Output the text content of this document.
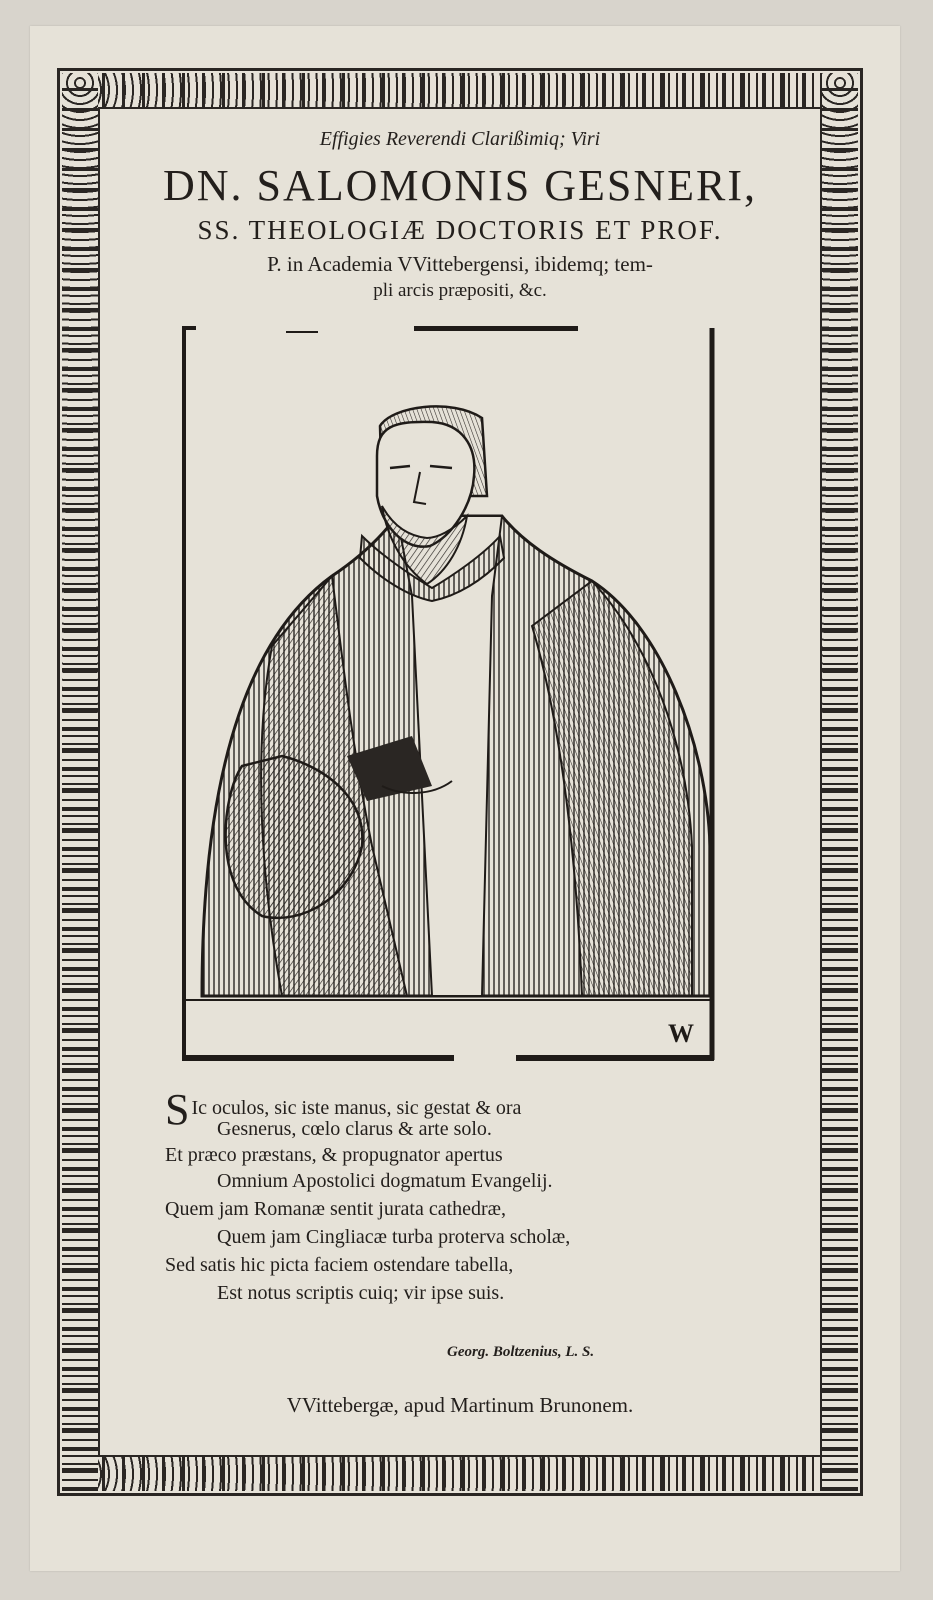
Effigies Reverendi Clarißimiq; Viri
DN. SALOMONIS GESNERI,
SS. THEOLOGIÆ DOCTORIS ET PROF.
P. in Academia VVittebergensi, ibidemq; tem-
pli arcis præpositi, &c.
W
S Ic oculos, sic iste manus, sic gestat & ora
Gesnerus, cœlo clarus & arte solo.
Et præco præstans, & propugnator apertus
Omnium Apostolici dogmatum Evangelij.
Quem jam Romanæ sentit jurata cathedræ,
Quem jam Cingliacæ turba proterva scholæ,
Sed satis hic picta faciem ostendare tabella,
Est notus scriptis cuiq; vir ipse suis.
Georg. Boltzenius, L. S.
VVittebergæ, apud Martinum Brunonem.
